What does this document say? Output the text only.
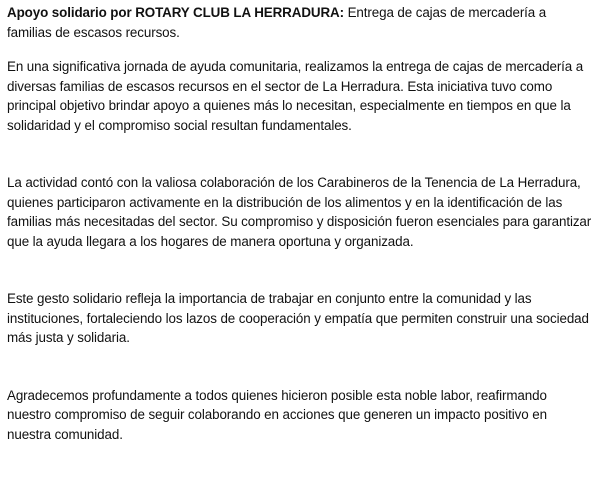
Apoyo solidario por ROTARY CLUB LA HERRADURA: Entrega de cajas de mercadería a familias de escasos recursos.

En una significativa jornada de ayuda comunitaria, realizamos la entrega de cajas de mercadería a diversas familias de escasos recursos en el sector de La Herradura. Esta iniciativa tuvo como principal objetivo brindar apoyo a quienes más lo necesitan, especialmente en tiempos en que la solidaridad y el compromiso social resultan fundamentales.

La actividad contó con la valiosa colaboración de los Carabineros de la Tenencia de La Herradura, quienes participaron activamente en la distribución de los alimentos y en la identificación de las familias más necesitadas del sector. Su compromiso y disposición fueron esenciales para garantizar que la ayuda llegara a los hogares de manera oportuna y organizada.

Este gesto solidario refleja la importancia de trabajar en conjunto entre la comunidad y las instituciones, fortaleciendo los lazos de cooperación y empatía que permiten construir una sociedad más justa y solidaria.

Agradecemos profundamente a todos quienes hicieron posible esta noble labor, reafirmando nuestro compromiso de seguir colaborando en acciones que generen un impacto positivo en nuestra comunidad.
